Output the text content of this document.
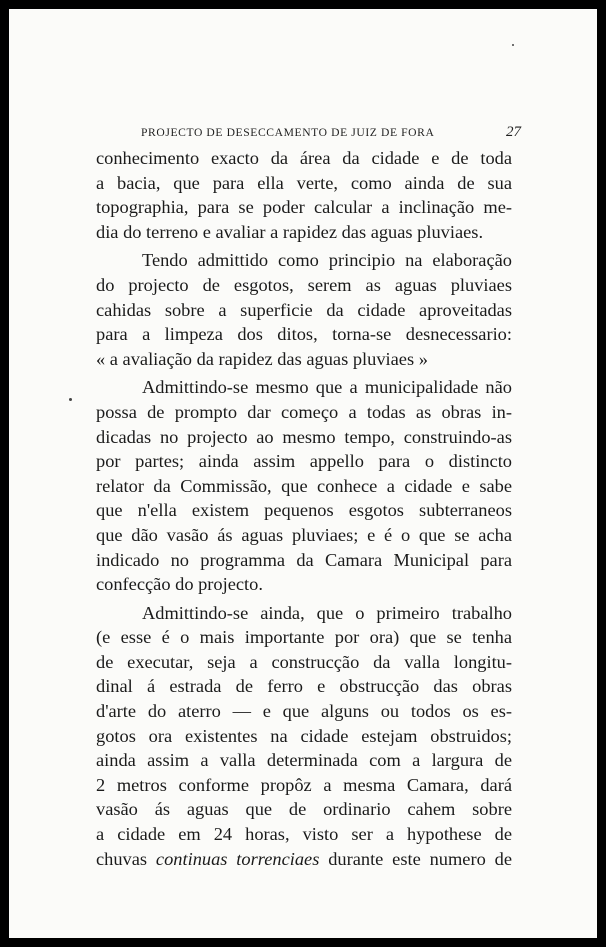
PROJECTO DE DESECCAMENTO DE JUIZ DE FORA	27
conhecimento exacto da área da cidade e de toda
a bacia, que para ella verte, como ainda de sua
topographia, para se poder calcular a inclinação me-
dia do terreno e avaliar a rapidez das aguas pluviaes.
Tendo admittido como principio na elaboração
do projecto de esgotos, serem as aguas pluviaes
cahidas sobre a superficie da cidade aproveitadas
para a limpeza dos ditos, torna-se desnecessario:
« a avaliação da rapidez das aguas pluviaes »
Admittindo-se mesmo que a municipalidade não
possa de prompto dar começo a todas as obras in-
dicadas no projecto ao mesmo tempo, construindo-as
por partes; ainda assim appello para o distincto
relator da Commissão, que conhece a cidade e sabe
que n'ella existem pequenos esgotos subterraneos
que dão vasão ás aguas pluviaes; e é o que se acha
indicado no programma da Camara Municipal para
confecção do projecto.
Admittindo-se ainda, que o primeiro trabalho
(e esse é o mais importante por ora) que se tenha
de executar, seja a construcção da valla longitu-
dinal á estrada de ferro e obstrucção das obras
d'arte do aterro — e que alguns ou todos os es-
gotos ora existentes na cidade estejam obstruidos;
ainda assim a valla determinada com a largura de
2 metros conforme propôz a mesma Camara, dará
vasão ás aguas que de ordinario cahem sobre
a cidade em 24 horas, visto ser a hypothese de
chuvas continuas torrenciaes durante este numero de
